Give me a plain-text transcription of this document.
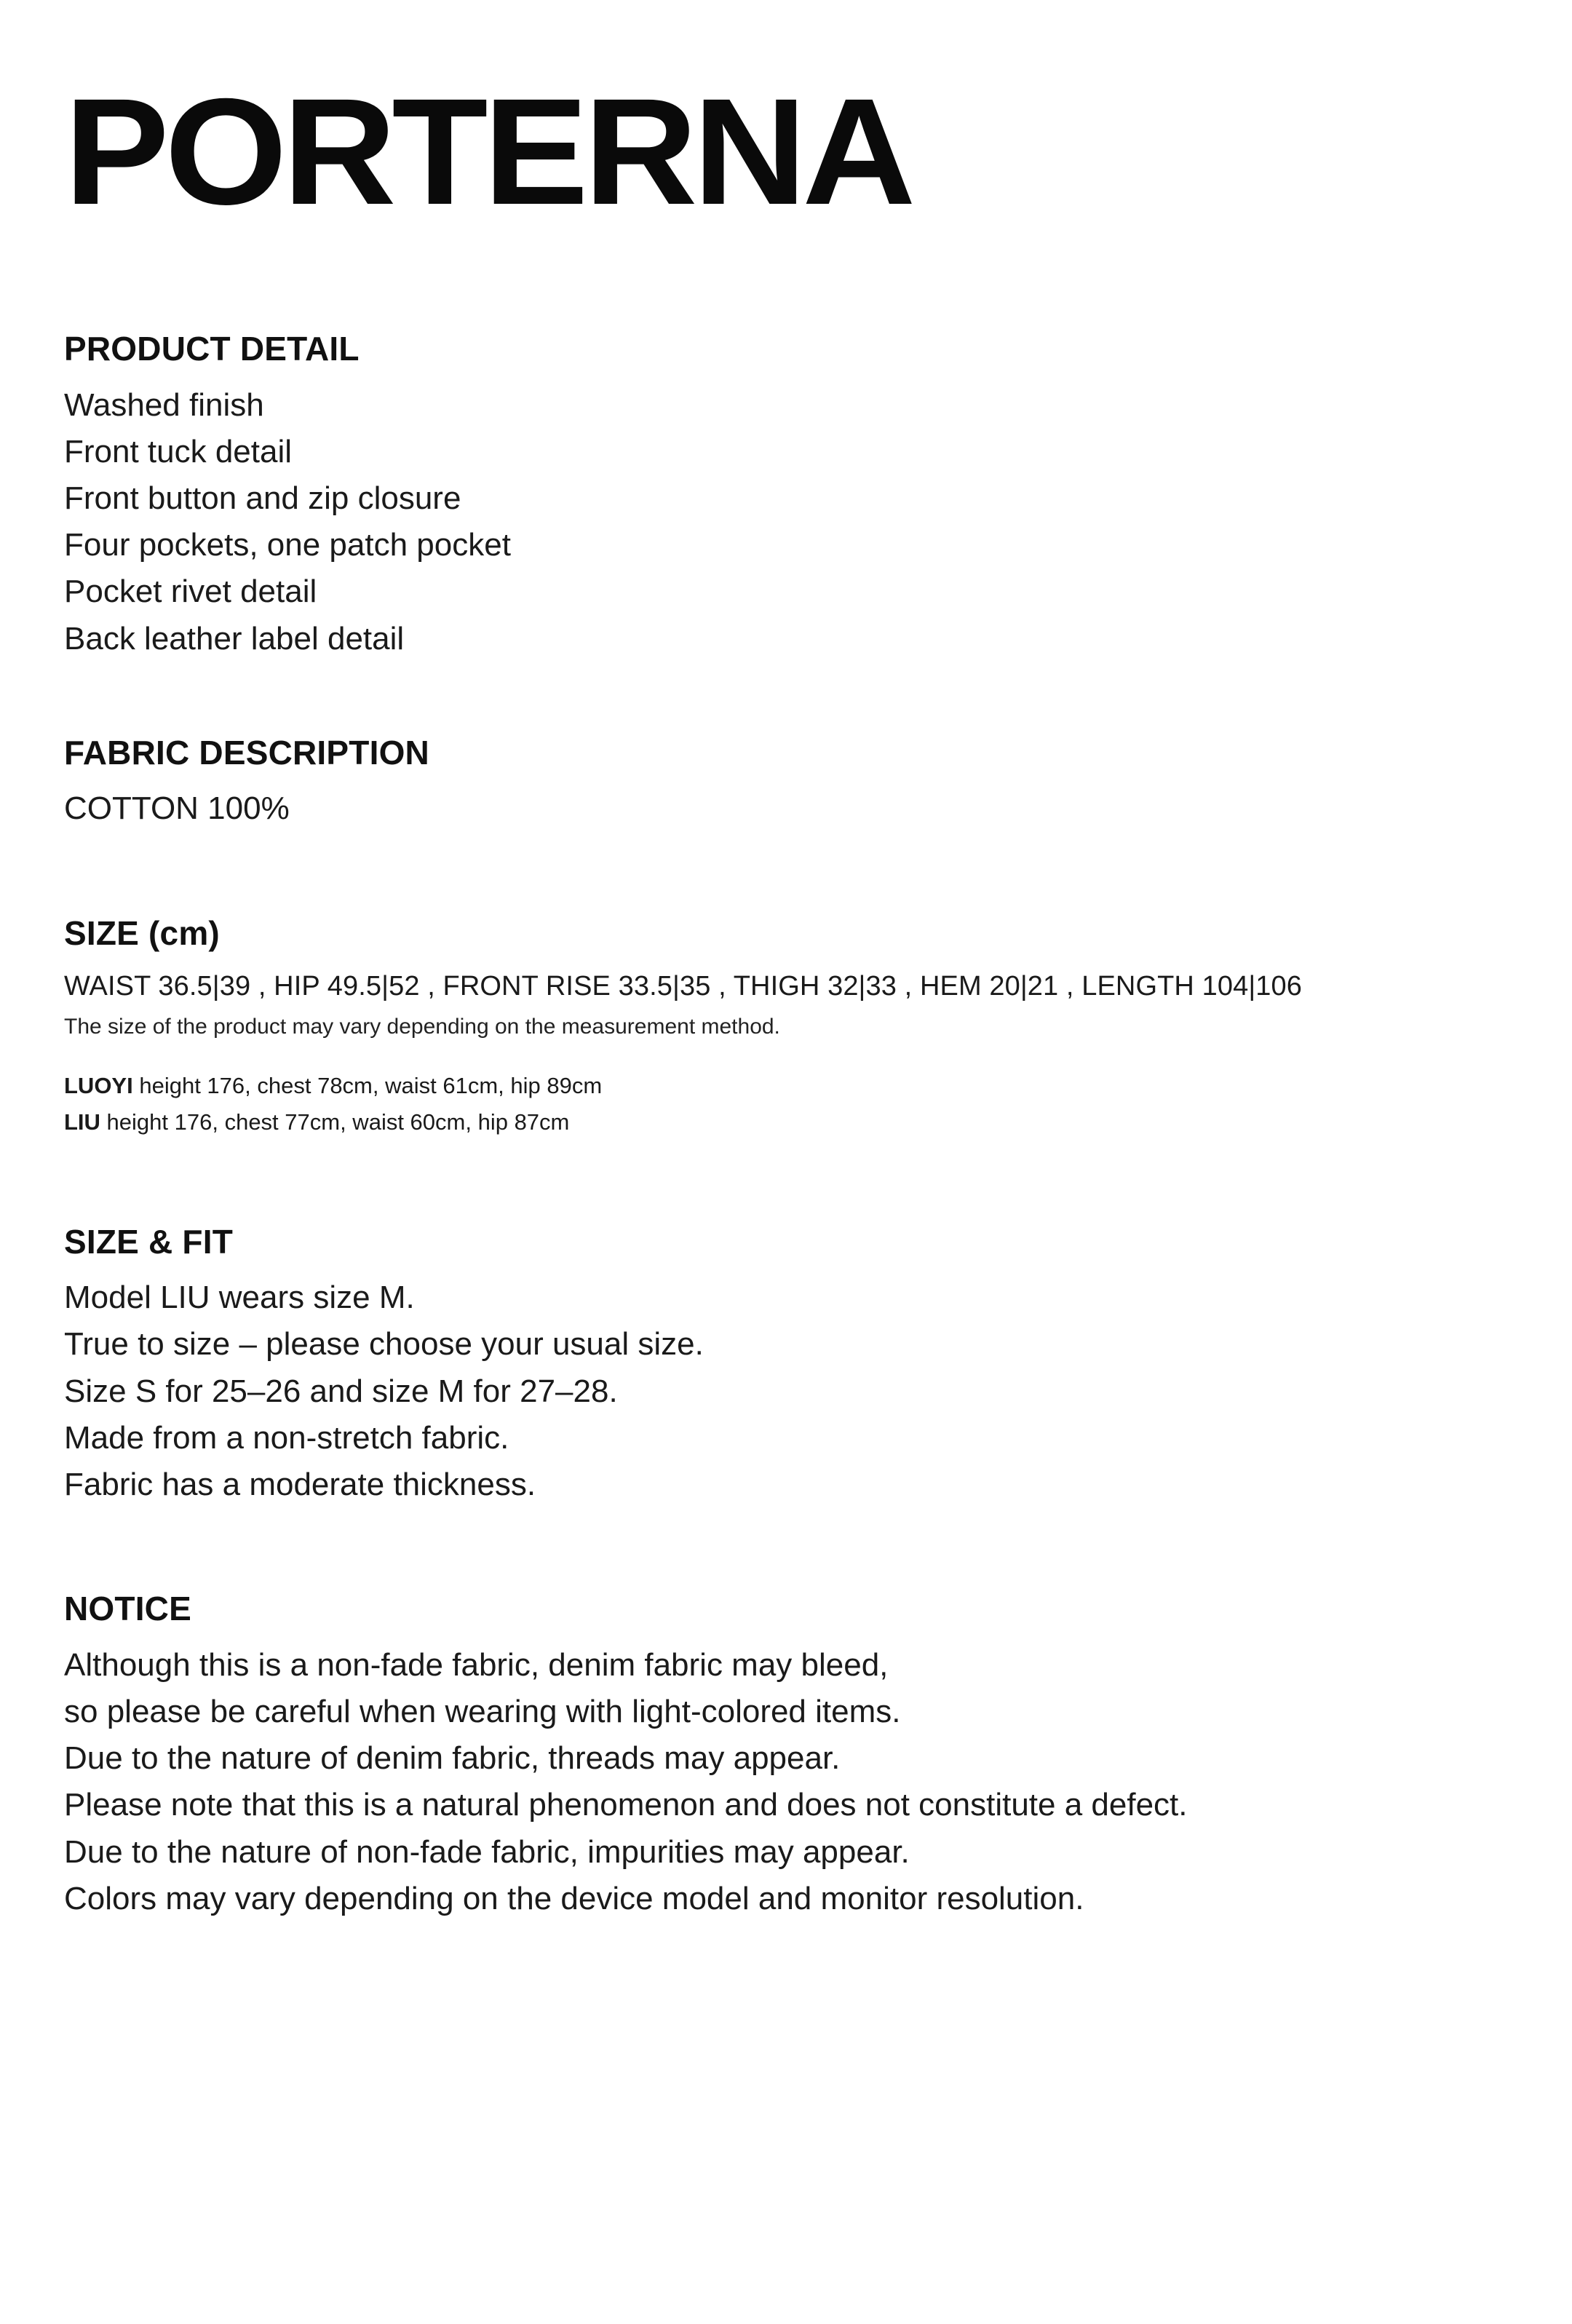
PORTERNA
PRODUCT DETAIL
Washed finish
Front tuck detail
Front button and zip closure
Four pockets, one patch pocket
Pocket rivet detail
Back leather label detail
FABRIC DESCRIPTION
COTTON 100%
SIZE (cm)
WAIST 36.5|39 , HIP 49.5|52 , FRONT RISE 33.5|35 , THIGH 32|33 , HEM 20|21 , LENGTH 104|106
The size of the product may vary depending on the measurement method.
LUOYI height 176, chest 78cm, waist 61cm, hip 89cm
LIU height 176, chest 77cm, waist 60cm, hip 87cm
SIZE & FIT
Model LIU wears size M.
True to size – please choose your usual size.
Size S for 25–26 and size M for 27–28.
Made from a non-stretch fabric.
Fabric has a moderate thickness.
NOTICE
Although this is a non-fade fabric, denim fabric may bleed,
so please be careful when wearing with light-colored items.
Due to the nature of denim fabric, threads may appear.
Please note that this is a natural phenomenon and does not constitute a defect.
Due to the nature of non-fade fabric, impurities may appear.
Colors may vary depending on the device model and monitor resolution.
